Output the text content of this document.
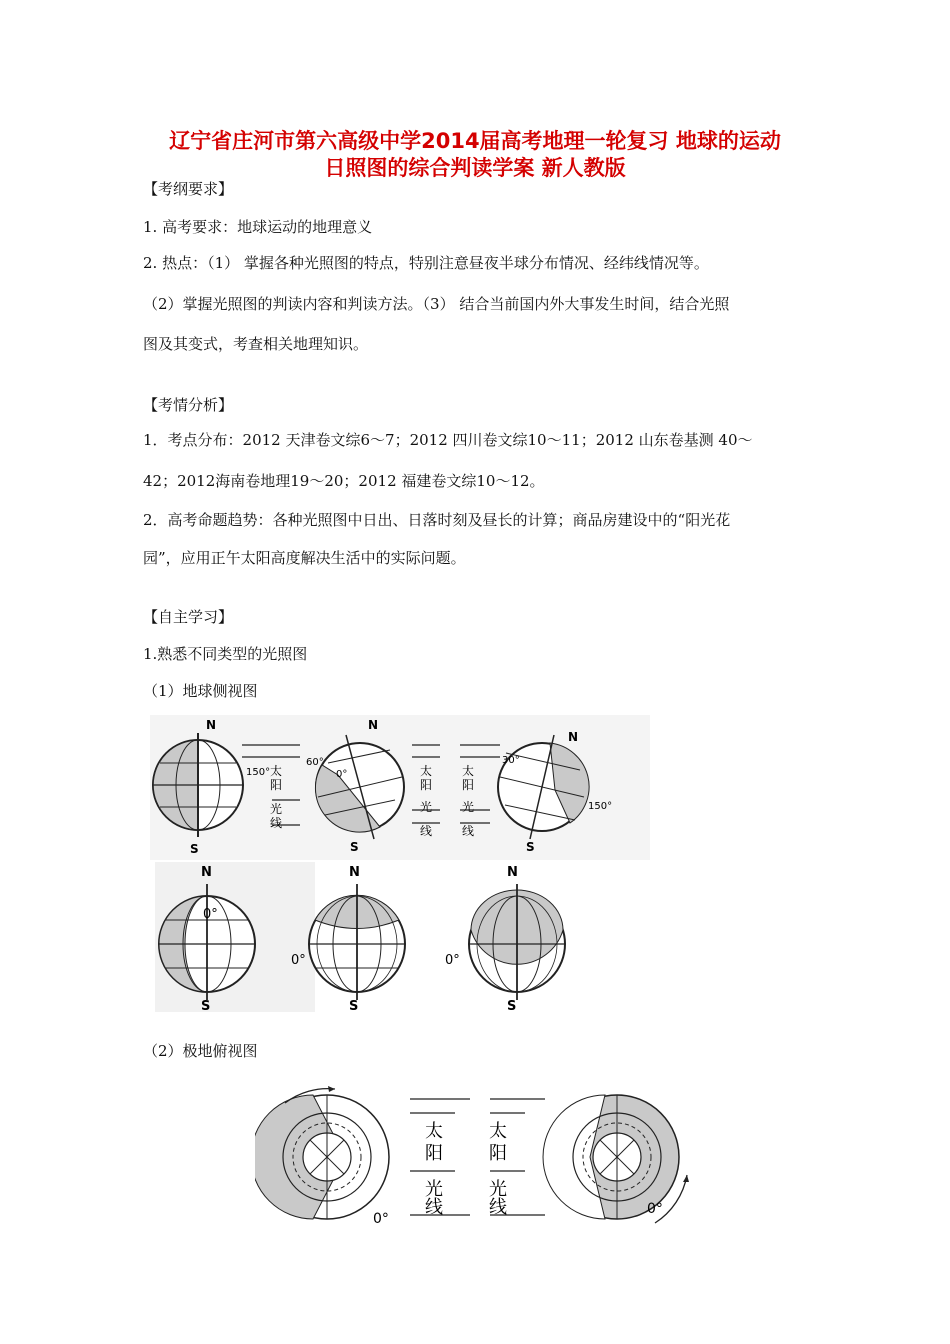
辽宁省庄河市第六高级中学2014届高考地理一轮复习 地球的运动
日照图的综合判读学案 新人教版
【考纲要求】
1. 高考要求：地球运动的地理意义
2. 热点：（1） 掌握各种光照图的特点，特别注意昼夜半球分布情况、经纬线情况等。
（2）掌握光照图的判读内容和判读方法。（3） 结合当前国内外大事发生时间，结合光照
图及其变式，考查相关地理知识。
【考情分析】
1．考点分布：2012 天津卷文综6～7；2012 四川卷文综10～11；2012 山东卷基测 40～
42；2012海南卷地理19～20；2012 福建卷文综10～12。
2．高考命题趋势：各种光照图中日出、日落时刻及昼长的计算；商品房建设中的“阳光花
园”，应用正午太阳高度解决生活中的实际问题。
【自主学习】
1.熟悉不同类型的光照图
（1）地球侧视图
（2）极地俯视图
N
S
150° 太
阳
光
线
N
S
60°
0°	太
阳
光
线
太
阳
光
线
N
S
30°
150°
N
S
0°
N
S
0°
N
S
0°
0°
太
阳
光
线
太
阳
光
线	0°
